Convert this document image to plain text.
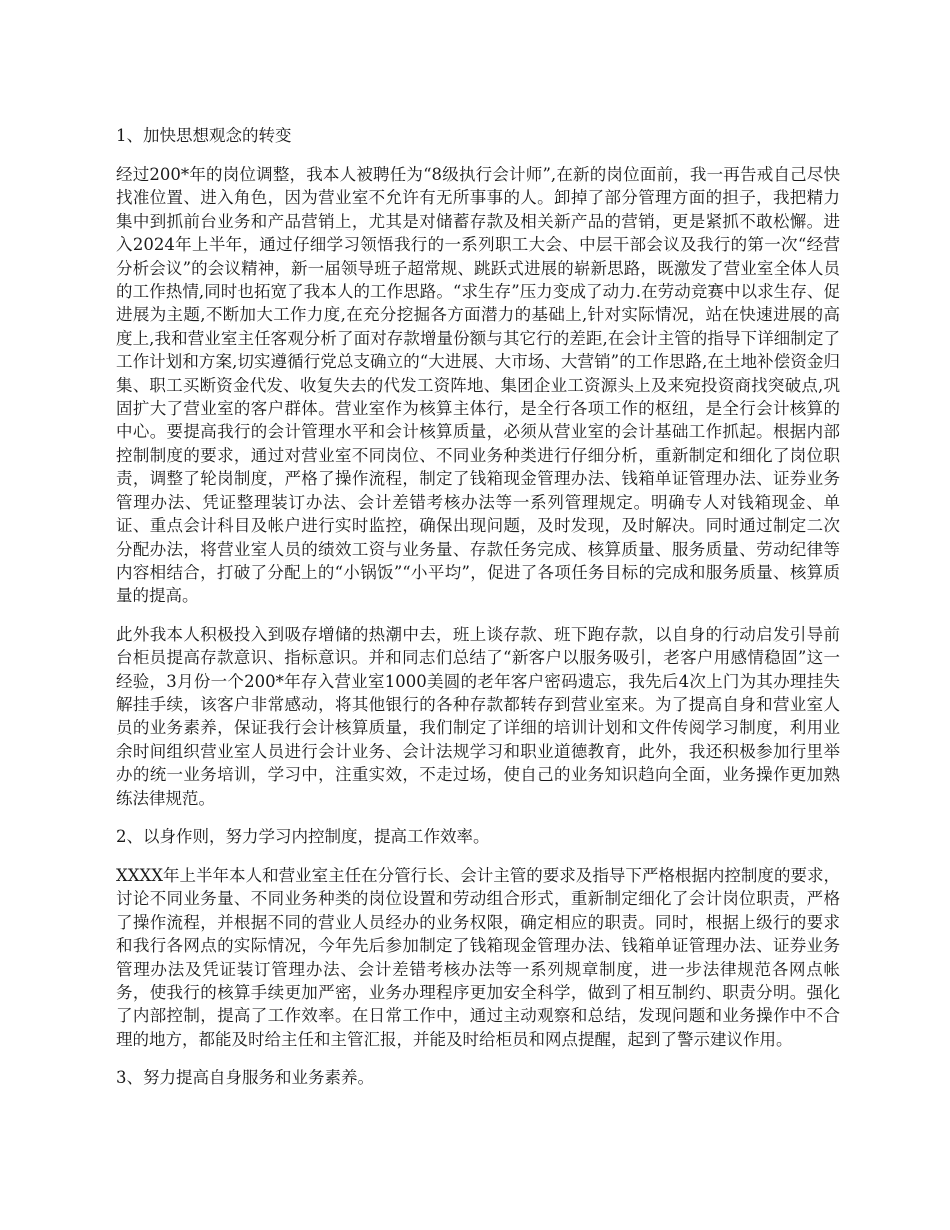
1、加快思想观念的转变
经过200*年的岗位调整，我本人被聘任为“8级执行会计师”,在新的岗位面前，我一再告戒自己尽快找准位置、进入角色，因为营业室不允许有无所事事的人。卸掉了部分管理方面的担子，我把精力集中到抓前台业务和产品营销上，尤其是对储蓄存款及相关新产品的营销，更是紧抓不敢松懈。进入2024年上半年，通过仔细学习领悟我行的一系列职工大会、中层干部会议及我行的第一次“经营分析会议”的会议精神，新一届领导班子超常规、跳跃式进展的崭新思路，既激发了营业室全体人员的工作热情,同时也拓宽了我本人的工作思路。“求生存”压力变成了动力.在劳动竞赛中以求生存、促进展为主题,不断加大工作力度,在充分挖掘各方面潜力的基础上,针对实际情况，站在快速进展的高度上,我和营业室主任客观分析了面对存款增量份额与其它行的差距,在会计主管的指导下详细制定了工作计划和方案,切实遵循行党总支确立的“大进展、大市场、大营销”的工作思路,在土地补偿资金归集、职工买断资金代发、收复失去的代发工资阵地、集团企业工资源头上及来宛投资商找突破点,巩固扩大了营业室的客户群体。营业室作为核算主体行，是全行各项工作的枢纽，是全行会计核算的中心。要提高我行的会计管理水平和会计核算质量，必须从营业室的会计基础工作抓起。根据内部控制制度的要求，通过对营业室不同岗位、不同业务种类进行仔细分析，重新制定和细化了岗位职责，调整了轮岗制度，严格了操作流程，制定了钱箱现金管理办法、钱箱单证管理办法、证券业务管理办法、凭证整理装订办法、会计差错考核办法等一系列管理规定。明确专人对钱箱现金、单证、重点会计科目及帐户进行实时监控，确保出现问题，及时发现，及时解决。同时通过制定二次分配办法，将营业室人员的绩效工资与业务量、存款任务完成、核算质量、服务质量、劳动纪律等内容相结合，打破了分配上的“小锅饭”“小平均”，促进了各项任务目标的完成和服务质量、核算质量的提高。
此外我本人积极投入到吸存增储的热潮中去，班上谈存款、班下跑存款，以自身的行动启发引导前台柜员提高存款意识、指标意识。并和同志们总结了“新客户以服务吸引，老客户用感情稳固”这一经验，3月份一个200*年存入营业室1000美圆的老年客户密码遗忘，我先后4次上门为其办理挂失解挂手续，该客户非常感动，将其他银行的各种存款都转存到营业室来。为了提高自身和营业室人员的业务素养，保证我行会计核算质量，我们制定了详细的培训计划和文件传阅学习制度，利用业余时间组织营业室人员进行会计业务、会计法规学习和职业道德教育，此外，我还积极参加行里举办的统一业务培训，学习中，注重实效，不走过场，使自己的业务知识趋向全面，业务操作更加熟练法律规范。
2、以身作则，努力学习内控制度，提高工作效率。
XXXX年上半年本人和营业室主任在分管行长、会计主管的要求及指导下严格根据内控制度的要求，讨论不同业务量、不同业务种类的岗位设置和劳动组合形式，重新制定细化了会计岗位职责，严格了操作流程，并根据不同的营业人员经办的业务权限，确定相应的职责。同时，根据上级行的要求和我行各网点的实际情况，今年先后参加制定了钱箱现金管理办法、钱箱单证管理办法、证券业务管理办法及凭证装订管理办法、会计差错考核办法等一系列规章制度，进一步法律规范各网点帐务，使我行的核算手续更加严密，业务办理程序更加安全科学，做到了相互制约、职责分明。强化了内部控制，提高了工作效率。在日常工作中，通过主动观察和总结，发现问题和业务操作中不合理的地方，都能及时给主任和主管汇报，并能及时给柜员和网点提醒，起到了警示建议作用。
3、努力提高自身服务和业务素养。
